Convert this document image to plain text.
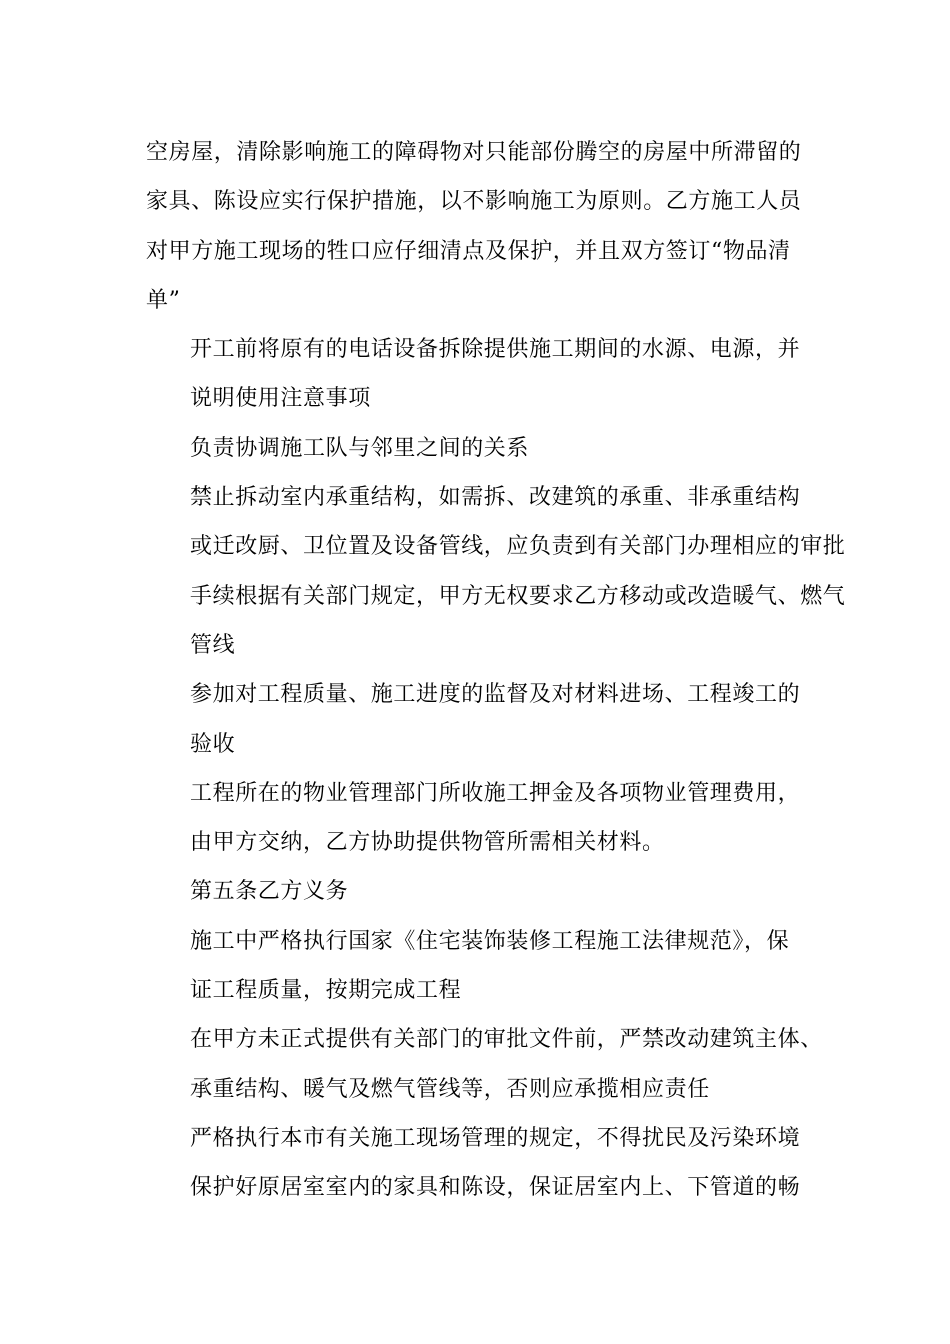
空房屋，清除影响施工的障碍物对只能部份腾空的房屋中所滞留的
家具、陈设应实行保护措施，以不影响施工为原则。乙方施工人员
对甲方施工现场的牲口应仔细清点及保护，并且双方签订“物品清
单”

开工前将原有的电话设备拆除提供施工期间的水源、电源，并
说明使用注意事项

负责协调施工队与邻里之间的关系

禁止拆动室内承重结构，如需拆、改建筑的承重、非承重结构
或迁改厨、卫位置及设备管线，应负责到有关部门办理相应的审批
手续根据有关部门规定，甲方无权要求乙方移动或改造暖气、燃气
管线

参加对工程质量、施工进度的监督及对材料进场、工程竣工的
验收

工程所在的物业管理部门所收施工押金及各项物业管理费用，
由甲方交纳，乙方协助提供物管所需相关材料。

第五条乙方义务

施工中严格执行国家《住宅装饰装修工程施工法律规范》，保
证工程质量，按期完成工程

在甲方未正式提供有关部门的审批文件前，严禁改动建筑主体、
承重结构、暖气及燃气管线等，否则应承揽相应责任

严格执行本市有关施工现场管理的规定，不得扰民及污染环境

保护好原居室室内的家具和陈设，保证居室内上、下管道的畅
